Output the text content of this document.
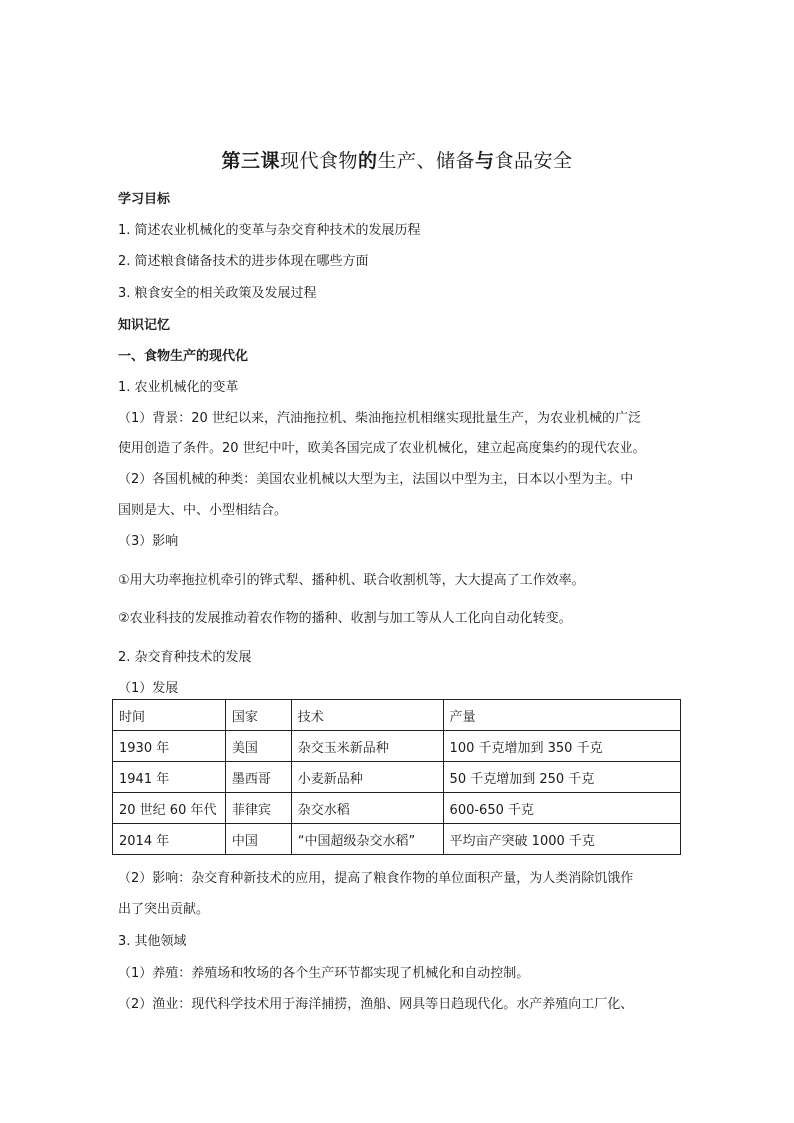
第三课现代食物的生产、储备与食品安全
学习目标
1. 简述农业机械化的变革与杂交育种技术的发展历程
2. 简述粮食储备技术的进步体现在哪些方面
3. 粮食安全的相关政策及发展过程
知识记忆
一、食物生产的现代化
1. 农业机械化的变革
（1）背景：20 世纪以来，汽油拖拉机、柴油拖拉机相继实现批量生产，为农业机械的广泛
使用创造了条件。20 世纪中叶，欧美各国完成了农业机械化，建立起高度集约的现代农业。
（2）各国机械的种类：美国农业机械以大型为主，法国以中型为主，日本以小型为主。中
国则是大、中、小型相结合。
（3）影响
①用大功率拖拉机牵引的铧式犁、播种机、联合收割机等，大大提高了工作效率。
②农业科技的发展推动着农作物的播种、收割与加工等从人工化向自动化转变。
2. 杂交育种技术的发展
（1）发展
时间	国家	技术	产量
1930 年	美国	杂交玉米新品种	100 千克增加到 350 千克
1941 年	墨西哥	小麦新品种	50 千克增加到 250 千克
20 世纪 60 年代	菲律宾	杂交水稻	600-650 千克
2014 年	中国	“中国超级杂交水稻”	平均亩产突破 1000 千克
（2）影响：杂交育种新技术的应用，提高了粮食作物的单位面积产量，为人类消除饥饿作
出了突出贡献。
3. 其他领域
（1）养殖：养殖场和牧场的各个生产环节都实现了机械化和自动控制。
（2）渔业：现代科学技术用于海洋捕捞，渔船、网具等日趋现代化。水产养殖向工厂化、
